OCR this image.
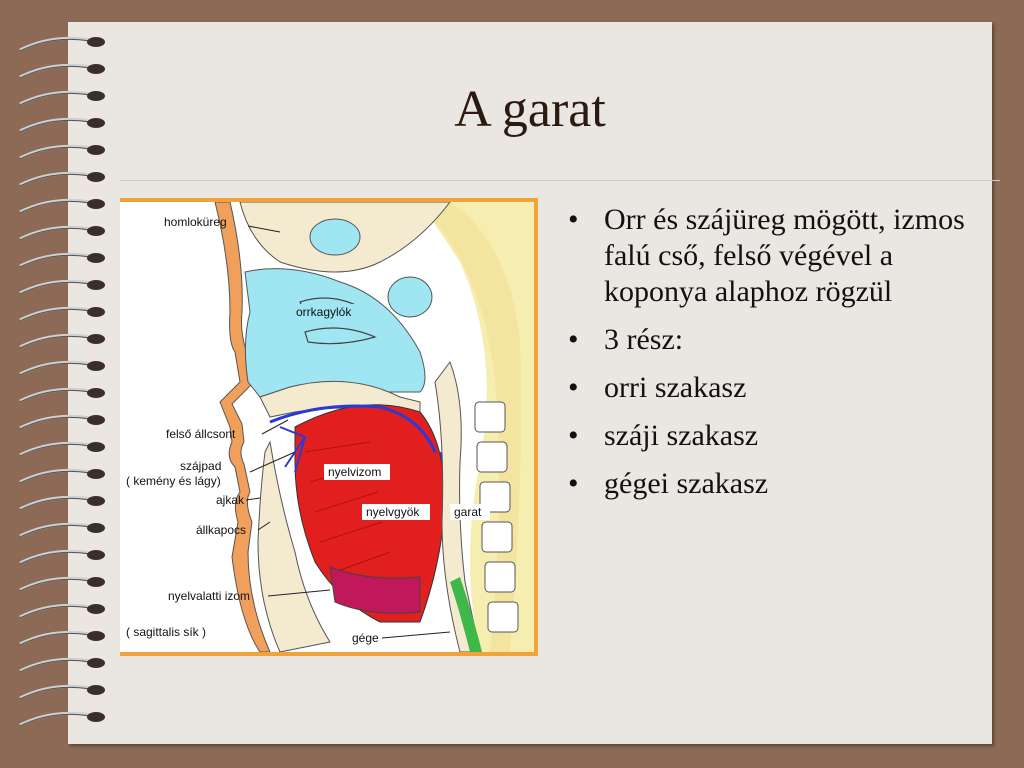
A garat
homloküreg
orrkagylók
felső állcsont
szájpad
( kemény és lágy)
ajkak
állkapocs
nyelvalatti izom
( sagittalis sík )
nyelvizom
nyelvgyök	garat
gége
• Orr és szájüreg mögött, izmos falú cső, felső végével a koponya alaphoz rögzül
• 3 rész:
• orri szakasz
• száji szakasz
• gégei szakasz
